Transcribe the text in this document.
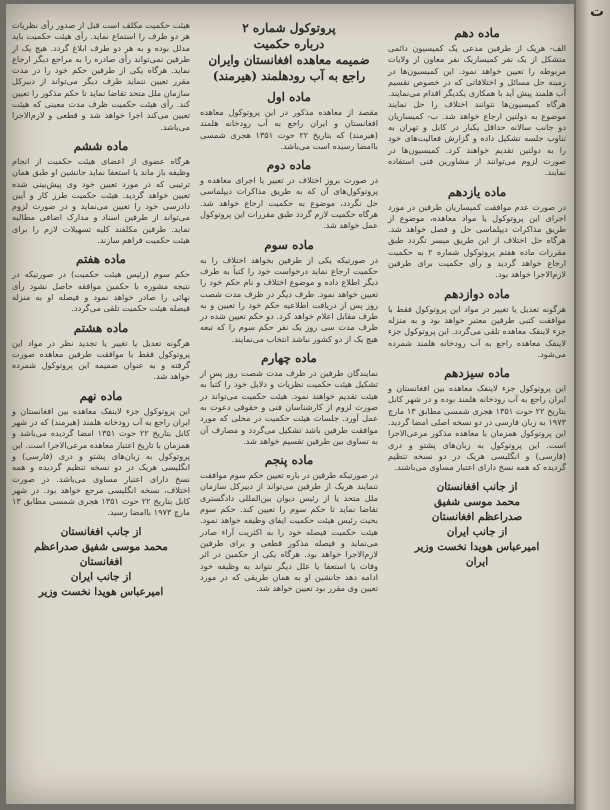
ماده دهم
الف- هریک از طرفین مدعی یک کمیسیون دائمی متشکل از یک نفر کمیساریک نفر معاون از ولایات مربوطه را تعیین خواهد نمود. این کمیسیون‌ها در زمینه حل مسائل و اختلافاتی که در خصوص تقسیم آب هلمند پیش آید با همکاری یکدیگر اقدام می‌نمایند. هرگاه کمیسیون‌ها نتوانند اختلاف را حل نمایند موضوع به دولتین ارجاع خواهد شد. ب- کمیساریان دو جانب سالانه حداقل یکبار در کابل و تهران به تناوب جلسه تشکیل داده و گزارش فعالیت‌های خود را به دولتین تقدیم خواهند کرد. کمیسیون‌ها در صورت لزوم می‌توانند از مشاورین فنی استفاده نمایند.
ماده یازدهم
در صورت عدم موافقت کمیساریان طرفین در مورد اجرای این پروتوکول یا مواد معاهده، موضوع از طریق مذاکرات دیپلماسی حل و فصل خواهد شد. هرگاه حل اختلاف از این طریق میسر نگردد طبق مقررات ماده هفتم پروتوکول شماره ۲ به حکمیت ارجاع خواهد گردید و رأی حکمیت برای طرفین لازم‌الاجرا خواهد بود.
ماده دوازدهم
هرگونه تعدیل یا تغییر در مواد این پروتوکول فقط با موافقت کتبی طرفین معتبر خواهد بود و به منزله جزء لاینفک معاهده تلقی می‌گردد. این پروتوکول جزء لاینفک معاهده راجع به آب رودخانه هلمند شمرده می‌شود.
ماده سیزدهم
این پروتوکول جزء لاینفک معاهده بین افغانستان و ایران راجع به آب رودخانه هلمند بوده و در شهر کابل بتاریخ ۲۲ حوت ۱۳۵۱ هجری شمسی مطابق ۱۳ مارچ ۱۹۷۳ به زبان فارسی در دو نسخه اصلی امضا گردید. این پروتوکول همزمان با معاهده مذکور مرعی‌الاجرا است. این پروتوکول به زبان‌های پشتو و دری (فارسی) و انگلیسی هریک در دو نسخه تنظیم گردیده که همه نسخ دارای اعتبار مساوی می‌باشند.
از جانب افغانستان
محمد موسی شفیق
صدراعظم افغانستان
از جانب ایران
امیرعباس هویدا نخست وزیر
ایران
پروتوکول شماره ۲
درباره حکمیت
ضمیمه معاهده افغانستان وایران
راجع به آب رودهلمند (هیرمند)
ماده اول
مقصد از معاهده مذکور در این پروتوکول معاهده افغانستان و ایران راجع به آب رودخانه هلمند (هیرمند) که بتاریخ ۲۲ حوت ۱۳۵۱ هجری شمسی باامضا رسیده است می‌باشد.
ماده دوم
در صورت بروز اختلاف در تعبیر یا اجرای معاهده و پروتوکول‌های آن که به طریق مذاکرات دیپلماسی حل نگردد، موضوع به حکمیت ارجاع خواهد شد. هرگاه حکمیت لازم گردد طبق مقررات این پروتوکول عمل خواهد شد.
ماده سوم
در صورتیکه یکی از طرفین بخواهد اختلاف را به حکمیت ارجاع نماید درخواست خود را کتباً به طرف دیگر اطلاع داده و موضوع اختلاف و نام حکم خود را تعیین خواهد نمود. طرف دیگر در ظرف مدت شصت روز پس از دریافت اطلاعیه حکم خود را تعیین و به طرف مقابل اعلام خواهد کرد. دو حکم تعیین شده در ظرف مدت سی روز یک نفر حکم سوم را که تبعه هیچ یک از دو کشور نباشد انتخاب می‌نمایند.
ماده چهارم
نمایندگان طرفین در ظرف مدت شصت روز پس از تشکیل هیئت حکمیت نظریات و دلایل خود را کتباً به هیئت تقدیم خواهند نمود. هیئت حکمیت می‌تواند در صورت لزوم از کارشناسان فنی و حقوقی دعوت به عمل آورد. جلسات هیئت حکمیت در محلی که مورد موافقت طرفین باشد تشکیل می‌گردد و مصارف آن به تساوی بین طرفین تقسیم خواهد شد.
ماده پنجم
در صورتیکه طرفین در باره تعیین حکم سوم موافقت ننمایند هریک از طرفین می‌تواند از دبیرکل سازمان ملل متحد یا از رئیس دیوان بین‌المللی دادگستری تقاضا نماید تا حکم سوم را تعیین کند. حکم سوم بحیث رئیس هیئت حکمیت ایفای وظیفه خواهد نمود. هیئت حکمیت فیصله خود را به اکثریت آراء صادر می‌نماید و فیصله مذکور قطعی و برای طرفین لازم‌الاجرا خواهد بود. هرگاه یکی از حکمین در اثر وفات یا استعفا یا علل دیگر نتواند به وظیفه خود ادامه دهد جانشین او به همان طریقی که در مورد تعیین وی مقرر بود تعیین خواهد شد.
هیئت حکمیت مکلف است قبل از صدور رأی نظریات هر دو طرف را استماع نماید. رأی هیئت حکمیت باید مدلل بوده و به هر دو طرف ابلاغ گردد. هیچ یک از طرفین نمی‌تواند رأی صادره را به مراجع دیگر ارجاع نماید. هرگاه یکی از طرفین حکم خود را در مدت مقرر تعیین ننماید طرف دیگر می‌تواند از دبیرکل سازمان ملل متحد تقاضا نماید تا حکم مذکور را تعیین کند. رأی هیئت حکمیت ظرف مدت معینی که هیئت تعیین می‌کند اجرا خواهد شد و قطعی و لازم‌الاجرا می‌باشد.
ماده ششم
هرگاه عضوی از اعضای هیئت حکمیت از انجام وظیفه باز ماند یا استعفا نماید جانشین او طبق همان ترتیبی که در مورد تعیین خود وی پیش‌بینی شده تعیین خواهد گردید. هیئت حکمیت طرز کار و آیین دادرسی خود را تعیین می‌نماید و در صورت لزوم می‌تواند از طرفین اسناد و مدارک اضافی مطالبه نماید. طرفین مکلفند کلیه تسهیلات لازم را برای هیئت حکمیت فراهم سازند.
ماده هفتم
حکم سوم (رئیس هیئت حکمیت) در صورتیکه در نتیجه مشوره با حکمین موافقه حاصل نشود رأی نهائی را صادر خواهد نمود و فیصله او به منزله فیصله هیئت حکمیت تلقی می‌گردد.
ماده هشتم
هرگونه تعدیل یا تغییر یا تجدید نظر در مواد این پروتوکول فقط با موافقت طرفین معاهده صورت گرفته و به عنوان ضمیمه این پروتوکول شمرده خواهد شد.
ماده نهم
این پروتوکول جزء لاینفک معاهده بین افغانستان و ایران راجع به آب رودخانه هلمند (هیرمند) که در شهر کابل بتاریخ ۲۲ حوت ۱۳۵۱ امضا گردیده می‌باشد و همزمان با تاریخ اعتبار معاهده مرعی‌الاجرا است. این پروتوکول به زبان‌های پشتو و دری (فارسی) و انگلیسی هریک در دو نسخه تنظیم گردیده و همه نسخ دارای اعتبار مساوی می‌باشد. در صورت اختلاف، نسخه انگلیسی مرجع خواهد بود. در شهر کابل بتاریخ ۲۲ حوت ۱۳۵۱ هجری شمسی مطابق ۱۳ مارچ ۱۹۷۳ باامضا رسید.
از جانب افغانستان
محمد موسی شفیق صدراعظم
افغانستان
از جانب ایران
امیرعباس هویدا نخست وزیر
ت
